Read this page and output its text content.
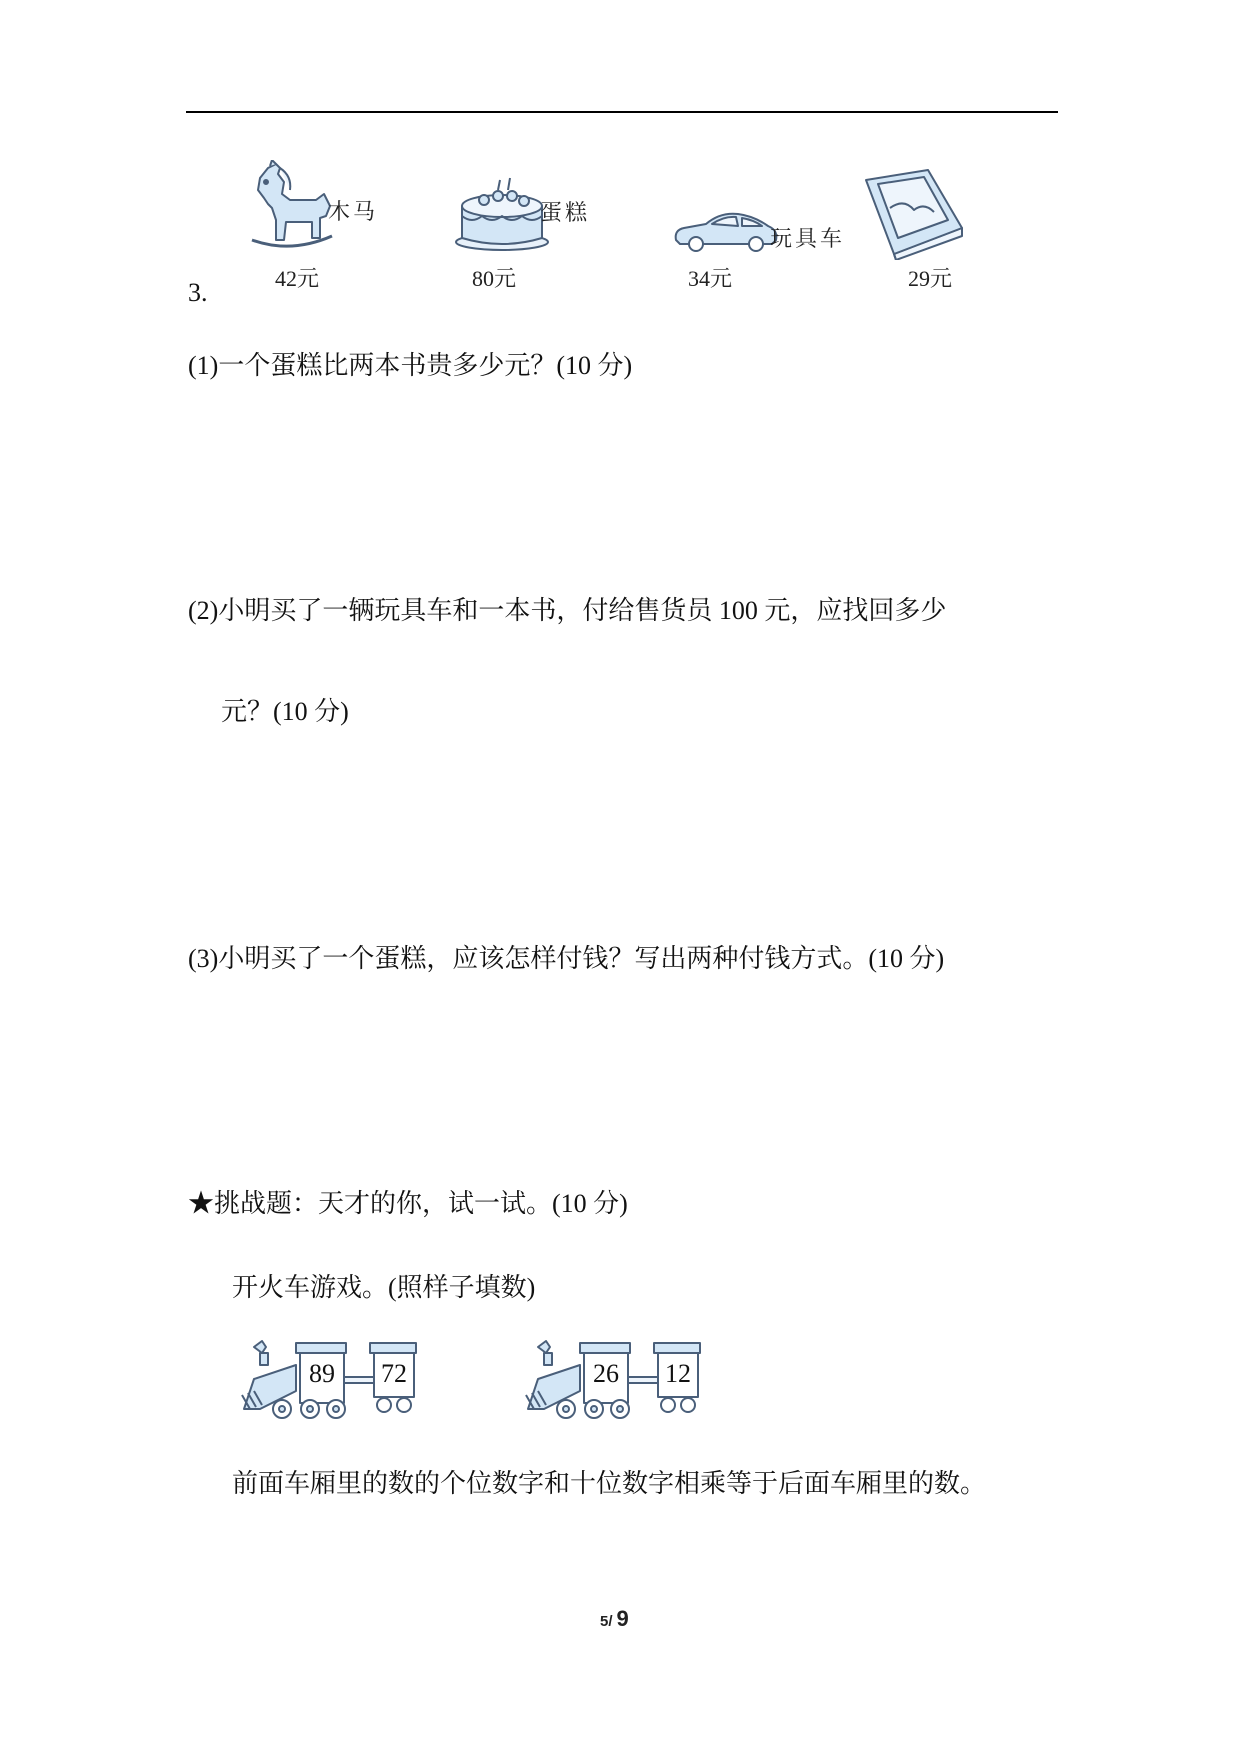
木马
42元
蛋糕
80元
玩具车
34元	29元
3.
(1)一个蛋糕比两本书贵多少元？(10 分)
(2)小明买了一辆玩具车和一本书，付给售货员 100 元，应找回多少
元？(10 分)
(3)小明买了一个蛋糕，应该怎样付钱？写出两种付钱方式。(10 分)
★挑战题：天才的你，试一试。(10 分)
开火车游戏。(照样子填数)
89 72	26 12
前面车厢里的数的个位数字和十位数字相乘等于后面车厢里的数。
5/ 9
